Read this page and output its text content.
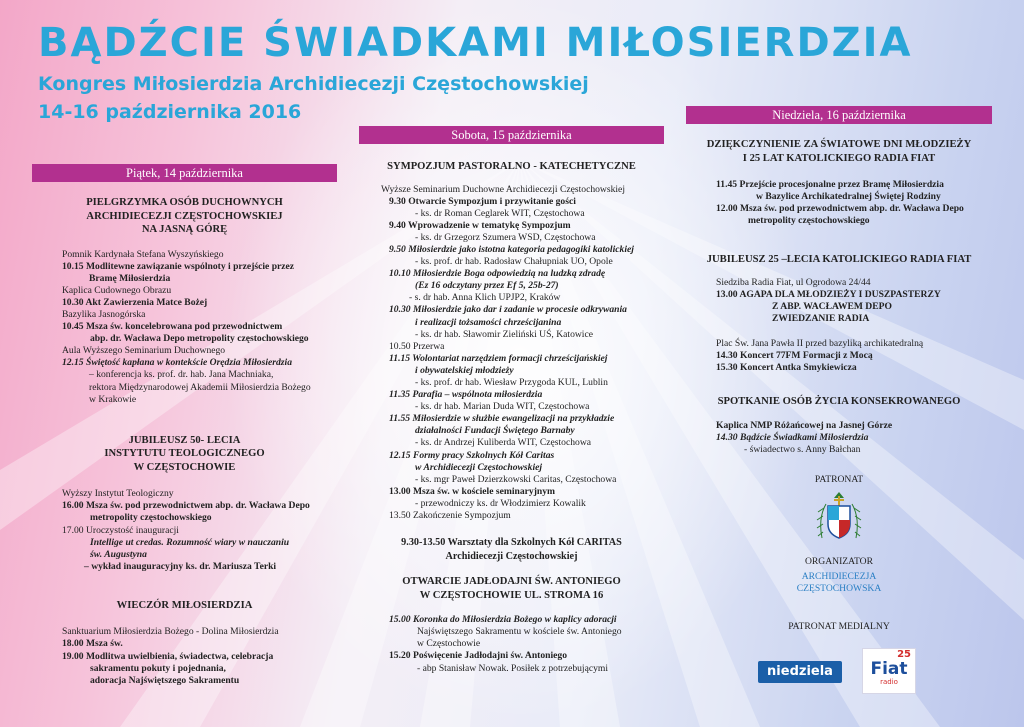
BĄDŹCIE ŚWIADKAMI MIŁOSIERDZIA
Kongres Miłosierdzia Archidiecezji Częstochowskiej
14-16 października 2016
Piątek, 14 października
PIELGRZYMKA OSÓB DUCHOWNYCH
ARCHIDIECEZJI CZĘSTOCHOWSKIEJ
NA JASNĄ GÓRĘ
Pomnik Kardynała Stefana Wyszyńskiego
10.15 Modlitewne zawiązanie wspólnoty i przejście przez
Bramę Miłosierdzia
Kaplica Cudownego Obrazu
10.30 Akt Zawierzenia Matce Bożej
Bazylika Jasnogórska
10.45 Msza św. koncelebrowana pod przewodnictwem
abp. dr. Wacława Depo metropolity częstochowskiego
Aula Wyższego Seminarium Duchownego
12.15 Świętość kapłana w kontekście Orędzia Miłosierdzia
– konferencja ks. prof. dr. hab. Jana Machniaka,
rektora Międzynarodowej Akademii Miłosierdzia Bożego
w Krakowie
JUBILEUSZ 50- LECIA
INSTYTUTU TEOLOGICZNEGO
W CZĘSTOCHOWIE
Wyższy Instytut Teologiczny
16.00 Msza św. pod przewodnictwem abp. dr. Wacława Depo
metropolity częstochowskiego
17.00 Uroczystość inauguracji
Intellige ut credas. Rozumność wiary w nauczaniu
św. Augustyna
– wykład inauguracyjny ks. dr. Mariusza Terki
WIECZÓR MIŁOSIERDZIA
Sanktuarium Miłosierdzia Bożego - Dolina Miłosierdzia
18.00 Msza św.
19.00 Modlitwa uwielbienia, świadectwa, celebracja
sakramentu pokuty i pojednania,
adoracja Najświętszego Sakramentu
Sobota, 15 października
SYMPOZJUM PASTORALNO - KATECHETYCZNE
Wyższe Seminarium Duchowne Archidiecezji Częstochowskiej
9.30 Otwarcie Sympozjum i przywitanie gości
- ks. dr Roman Ceglarek WIT, Częstochowa
9.40 Wprowadzenie w tematykę Sympozjum
- ks. dr Grzegorz Szumera WSD, Częstochowa
9.50 Miłosierdzie jako istotna kategoria pedagogiki katolickiej
- ks. prof. dr hab. Radosław Chałupniak UO, Opole
10.10 Miłosierdzie Boga odpowiedzią na ludzką zdradę
(Ez 16 odczytany przez Ef 5, 25b-27)
- s. dr hab. Anna Klich UPJP2, Kraków
10.30 Miłosierdzie jako dar i zadanie w procesie odkrywania
i realizacji tożsamości chrześcijanina
- ks. dr hab. Sławomir Zieliński UŚ, Katowice
10.50 Przerwa
11.15 Wolontariat narzędziem formacji chrześcijańskiej
i obywatelskiej młodzieży
- ks. prof. dr hab. Wiesław Przygoda KUL, Lublin
11.35 Parafia – wspólnota miłosierdzia
- ks. dr hab. Marian Duda WIT, Częstochowa
11.55 Miłosierdzie w służbie ewangelizacji na przykładzie
działalności Fundacji Świętego Barnaby
- ks. dr Andrzej Kuliberda WIT, Częstochowa
12.15 Formy pracy Szkolnych Kół Caritas
w Archidiecezji Częstochowskiej
- ks. mgr Paweł Dzierzkowski Caritas, Częstochowa
13.00 Msza św. w kościele seminaryjnym
- przewodniczy ks. dr Włodzimierz Kowalik
13.50 Zakończenie Sympozjum
9.30-13.50 Warsztaty dla Szkolnych Kół CARITAS
Archidiecezji Częstochowskiej
OTWARCIE JADŁODAJNI ŚW. ANTONIEGO
W CZĘSTOCHOWIE UL. STROMA 16
15.00 Koronka do Miłosierdzia Bożego w kaplicy adoracji
Najświętszego Sakramentu w kościele św. Antoniego
w Częstochowie
15.20 Poświęcenie Jadłodajni św. Antoniego
- abp Stanisław Nowak. Posiłek z potrzebującymi
Niedziela, 16 października
DZIĘKCZYNIENIE ZA ŚWIATOWE DNI MŁODZIEŻY
I 25 LAT KATOLICKIEGO RADIA FIAT
11.45 Przejście procesjonalne przez Bramę Miłosierdzia
w Bazylice Archikatedralnej Świętej Rodziny
12.00 Msza św. pod przewodnictwem abp. dr. Wacława Depo
metropolity częstochowskiego
JUBILEUSZ 25 –LECIA KATOLICKIEGO RADIA FIAT
Siedziba Radia Fiat, ul Ogrodowa 24/44
13.00 AGAPA DLA MŁODZIEŻY I DUSZPASTERZY
Z ABP. WACŁAWEM DEPO
ZWIEDZANIE RADIA
Plac Św. Jana Pawła II przed bazyliką archikatedralną
14.30 Koncert 77FM Formacji z Mocą
15.30 Koncert Antka Smykiewicza
SPOTKANIE OSÓB ŻYCIA KONSEKROWANEGO
Kaplica NMP Różańcowej na Jasnej Górze
14.30 Bądźcie Świadkami Miłosierdzia
- świadectwo s. Anny Bałchan
PATRONAT
ORGANIZATOR
ARCHIDIECEZJA
CZĘSTOCHOWSKA
PATRONAT MEDIALNY
niedziela
25
Fiat
radio
